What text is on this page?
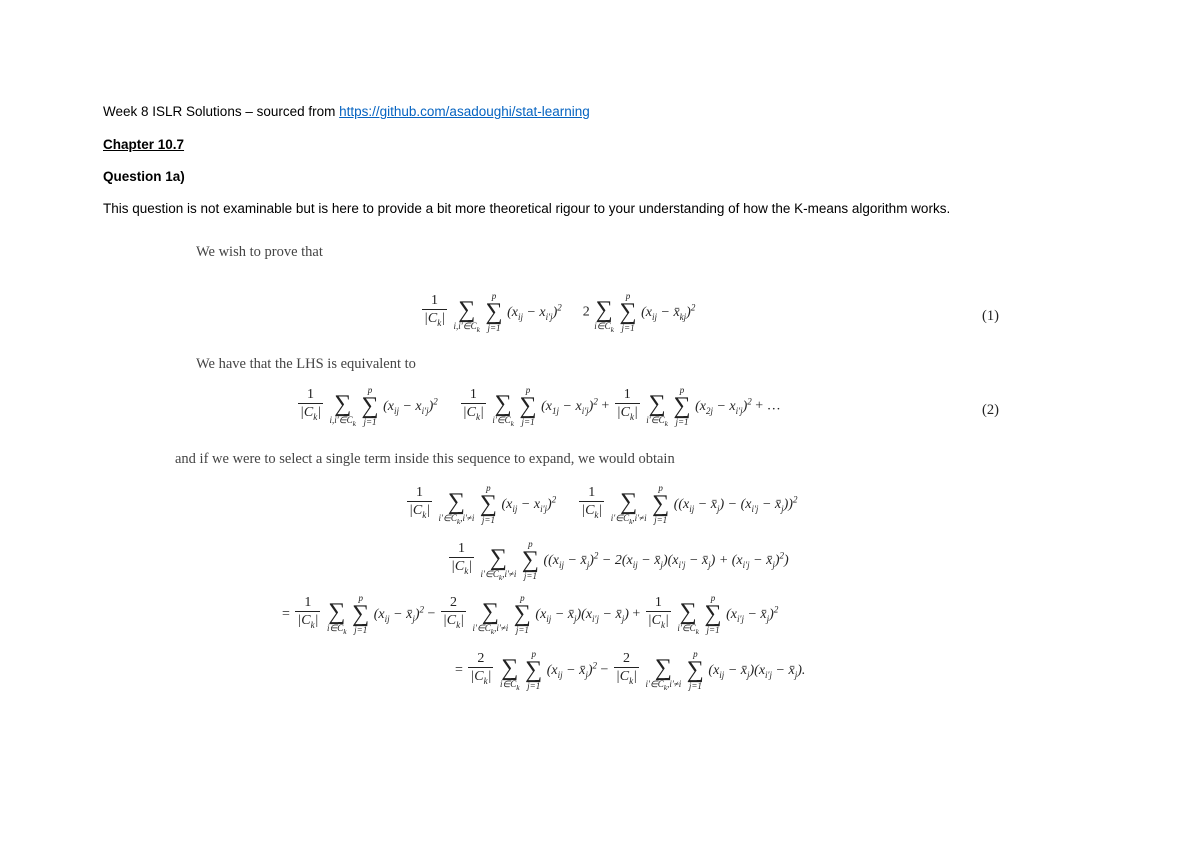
Week 8 ISLR Solutions – sourced from https://github.com/asadoughi/stat-learning
Chapter 10.7
Question 1a)
This question is not examinable but is here to provide a bit more theoretical rigour to your understanding of how the K-means algorithm works.
We wish to prove that
$\frac{1}{|C_k|}$

∑
$i,i'\in C_k$

p
∑
j=1
$(x_{ij} - x_{i'j})^2$ 2
∑
$i\in C_k$

p
∑
j=1
($x_{ij}$ − $x̄_{kj})^2$
(1)
We have that the LHS is equivalent to
$\frac{1}{|C_k|}$

∑
$i,i'\in C_k$

p
∑
j=1
$(x_{ij} - x_{i'j})^2 \frac{1}{|C_k|}$

∑
$i'\in C_k$

p
∑
j=1
$(x_{1j} - x_{i'j})^2 + \frac{1}{|C_k|}$

∑
$i'\in C_k$

p
∑
j=1
$(x_{2j} - x_{i'j})^2$ + …	(2)
and if we were to select a single term inside this sequence to expand, we would obtain
$\frac{1}{|C_k|}$

∑
$i'\in C_k,i'\ne i$

p
∑
j=1
$(x_{ij} - x_{i'j})^2 \frac{1}{|C_k|}$

∑
$i'\in C_k,i'\ne i$

p
∑
j=1
(($x_{ij}$ − $x̄_j) - (x_{i'j}$ − $x̄_j))^2$
$\frac{1}{|C_k|}$

∑
$i'\in C_k,i'\ne i$

p
∑
j=1
(($x_{ij}$ − $x̄_j)^2 - 2(x_{ij}$ − $x̄_j)(x_{i'j}$ − $x̄_j) + (x_{i'j}$ − $x̄_j)^2$)
= $\frac{1}{|C_k|}$

∑
$i\in C_k$

p
∑
j=1
($x_{ij}$ − $x̄_j)^2 - \frac{2}{|C_k|}$

∑
$i'\in C_k,i'\ne i$

p
∑
j=1
($x_{ij}$ − $x̄_j)(x_{i'j}$ − $x̄_j) + \frac{1}{|C_k|}$

∑
$i'\in C_k$

p
∑
j=1
($x_{i'j}$ − $x̄_j)^2$
= $\frac{2}{|C_k|}$

∑
$i\in C_k$

p
∑
j=1
($x_{ij}$ − $x̄_j)^2 - \frac{2}{|C_k|}$

∑
$i'\in C_k,i'\ne i$

p
∑
j=1
($x_{ij}$ − $x̄_j)(x_{i'j}$ − $x̄_j$).
